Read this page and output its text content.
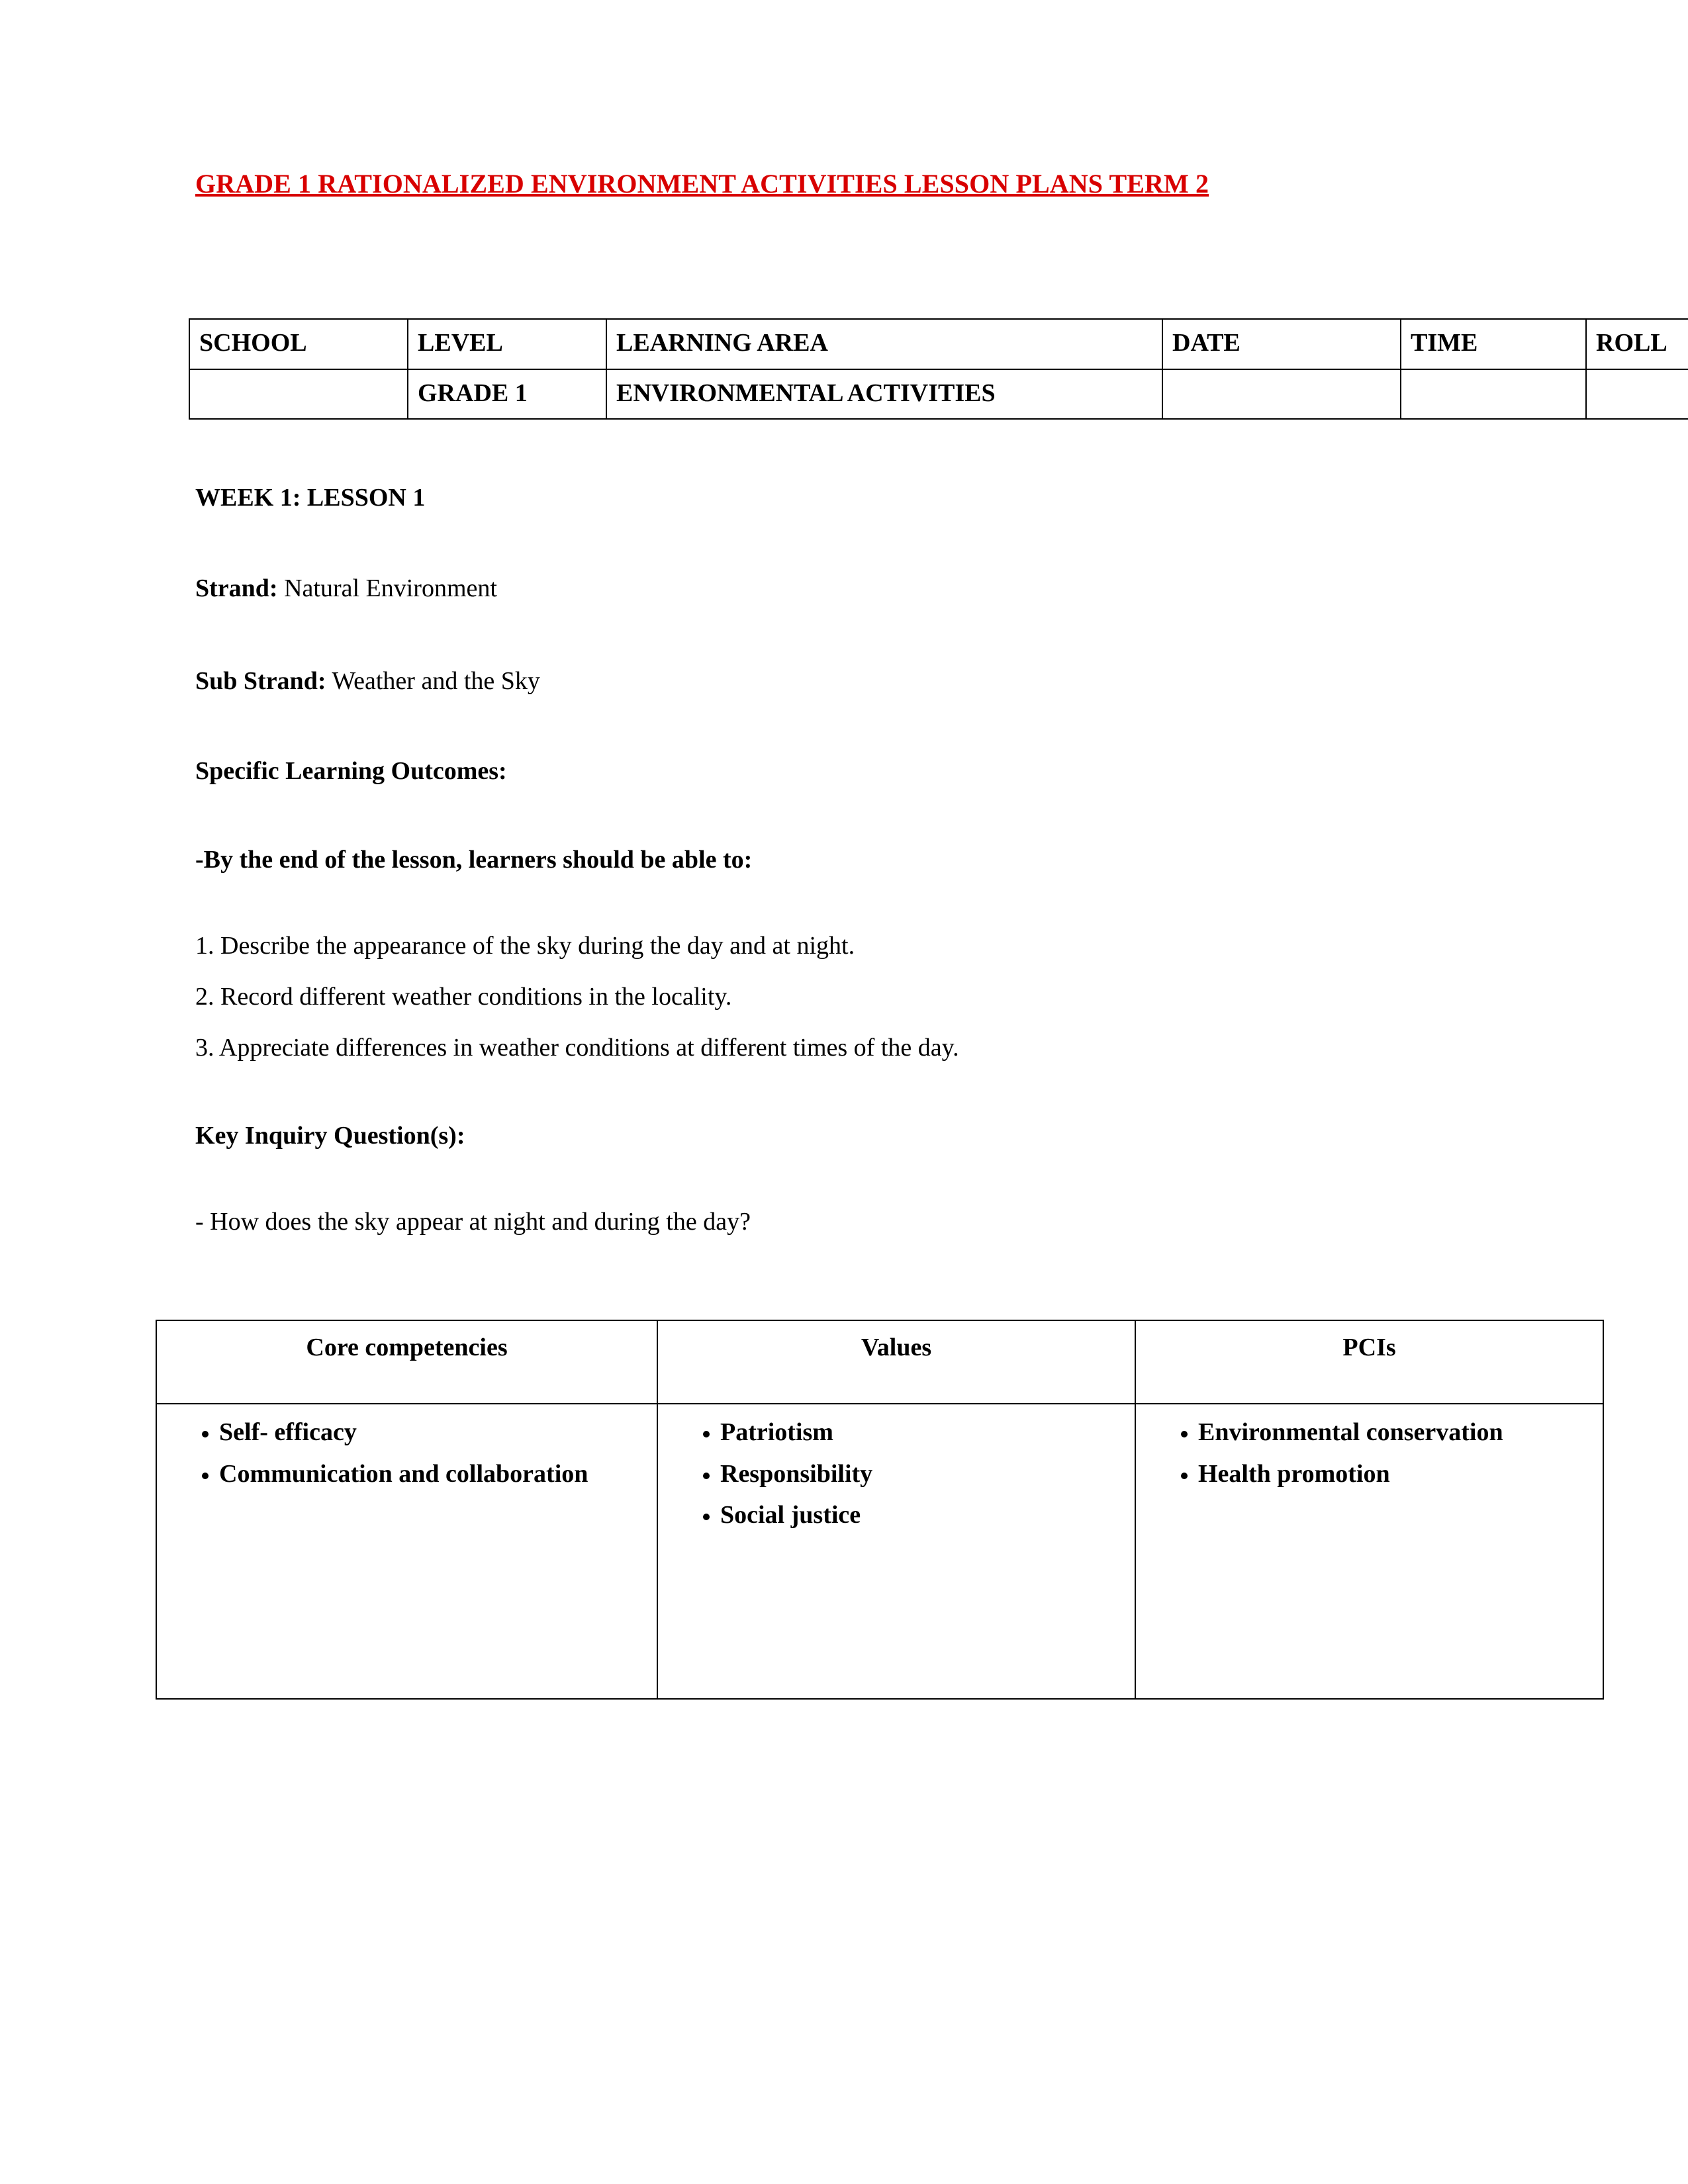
GRADE 1 RATIONALIZED ENVIRONMENT ACTIVITIES LESSON PLANS TERM 2
SCHOOL	LEVEL	LEARNING AREA	DATE	TIME	ROLL
	GRADE 1	ENVIRONMENTAL ACTIVITIES			
WEEK 1: LESSON 1
Strand: Natural Environment
Sub Strand: Weather and the Sky
Specific Learning Outcomes:
-By the end of the lesson, learners should be able to:
1. Describe the appearance of the sky during the day and at night.
2. Record different weather conditions in the locality.
3. Appreciate differences in weather conditions at different times of the day.
Key Inquiry Question(s):
- How does the sky appear at night and during the day?
Core competencies	Values	PCIs

• Self- efficacy
• Communication and collaboration

• Patriotism
• Responsibility
• Social justice

• Environmental conservation
• Health promotion
